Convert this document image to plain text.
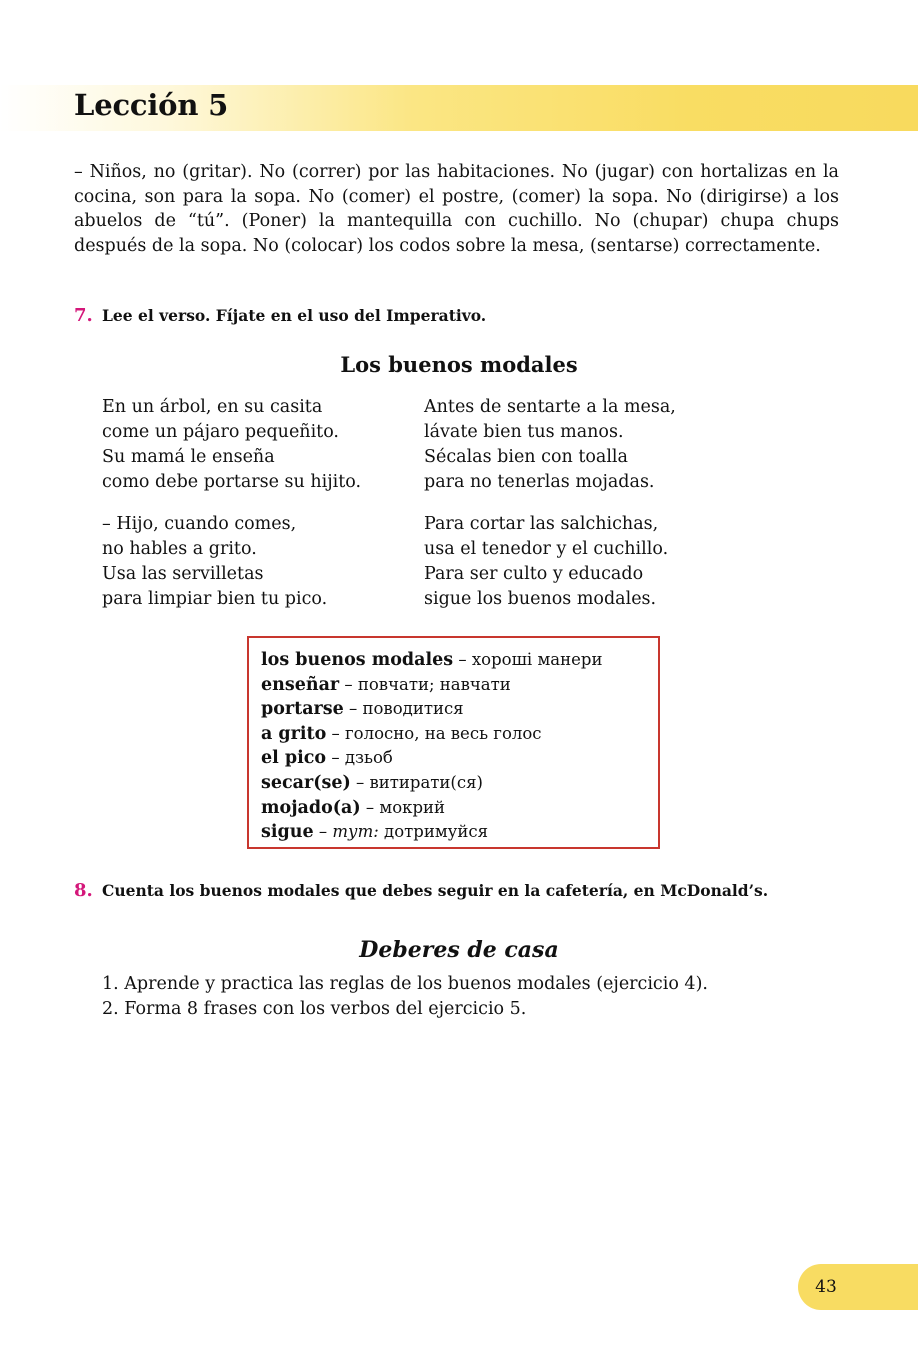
Lección 5

– Niños, no (gritar). No (correr) por las habitaciones. No (jugar) con hortalizas en la cocina, son para la sopa. No (comer) el postre, (comer) la sopa. No (dirigirse) a los abuelos de “tú”. (Poner) la mantequilla con cuchillo. No (chupar) chupa chups después de la sopa. No (colocar) los codos sobre la mesa, (sentarse) correctamente.

7. Lee el verso. Fíjate en el uso del Imperativo.
Los buenos modales
En un árbol, en su casita
come un pájaro pequeñito.
Su mamá le enseña
como debe portarse su hijito.
Antes de sentarte a la mesa,
lávate bien tus manos.
Sécalas bien con toalla
para no tenerlas mojadas.
– Hijo, cuando comes,
no hables a grito.
Usa las servilletas
para limpiar bien tu pico.
Para cortar las salchichas,
usa el tenedor y el cuchillo.
Para ser culto y educado
sigue los buenos modales.
los buenos modales – хороші манери
enseñar – повчати; навчати
portarse – поводитися
a grito – голосно, на весь голос
el pico – дзьоб
secar(se) – витирати(ся)
mojado(a) – мокрий
sigue – тут: дотримуйся
8. Cuenta los buenos modales que debes seguir en la cafetería, en McDonald’s.
Deberes de casa
1. Aprende y practica las reglas de los buenos modales (ejercicio 4).
2. Forma 8 frases con los verbos del ejercicio 5.
43
